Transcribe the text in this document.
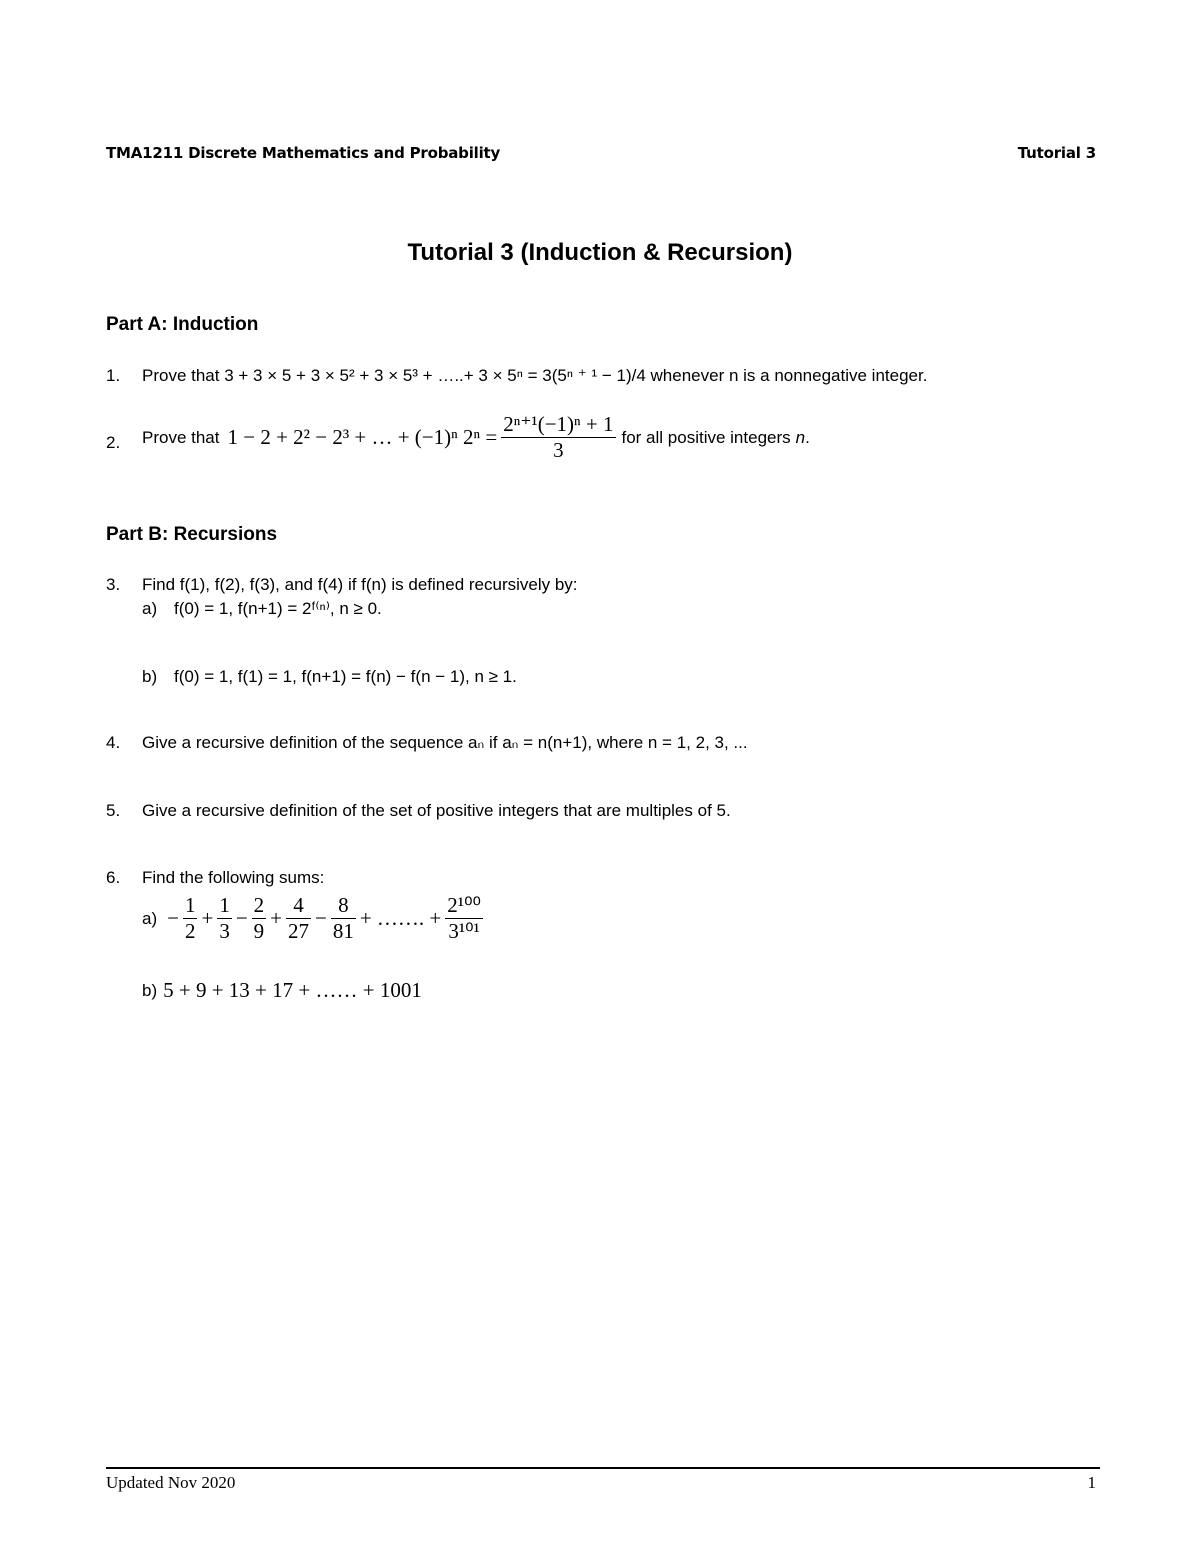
TMA1211 Discrete Mathematics and Probability	Tutorial 3
Tutorial 3 (Induction & Recursion)
Part A: Induction
1. Prove that 3 + 3 × 5 + 3 × 5² + 3 × 5³ + …..+ 3 × 5ⁿ = 3(5ⁿ ⁺ ¹ − 1)/4 whenever n is a nonnegative integer.
2. Prove that 1 − 2 + 2² − 2³ + … + (−1)ⁿ $2^n = \frac{\text{2ⁿ⁺¹(−1)ⁿ + 1}}{3}$ for all positive integers n .
Part B: Recursions
3. Find f(1), f(2), f(3), and f(4) if f(n) is defined recursively by:
a) f(0) = 1, f(n+1) = 2ᶠ⁽ⁿ⁾, n ≥ 0.
b) f(0) = 1, f(1) = 1, f(n+1) = f(n) − f(n − 1), n ≥ 1.
4. Give a recursive definition of the sequence aₙ if aₙ = n(n+1), where n = 1, 2, 3, ...
5. Give a recursive definition of the set of positive integers that are multiples of 5.
6. Find the following sums:
$a) - \frac{1}{2} + \frac{1}{3} - \frac{2}{9} + \frac{4}{27} - \frac{8}{81}$ + ……. + $\frac{\text{2¹⁰⁰}}{\text{3¹⁰¹}}$
b) 5 + 9 + 13 + 17 + …… + 1001
Updated Nov 2020	1
